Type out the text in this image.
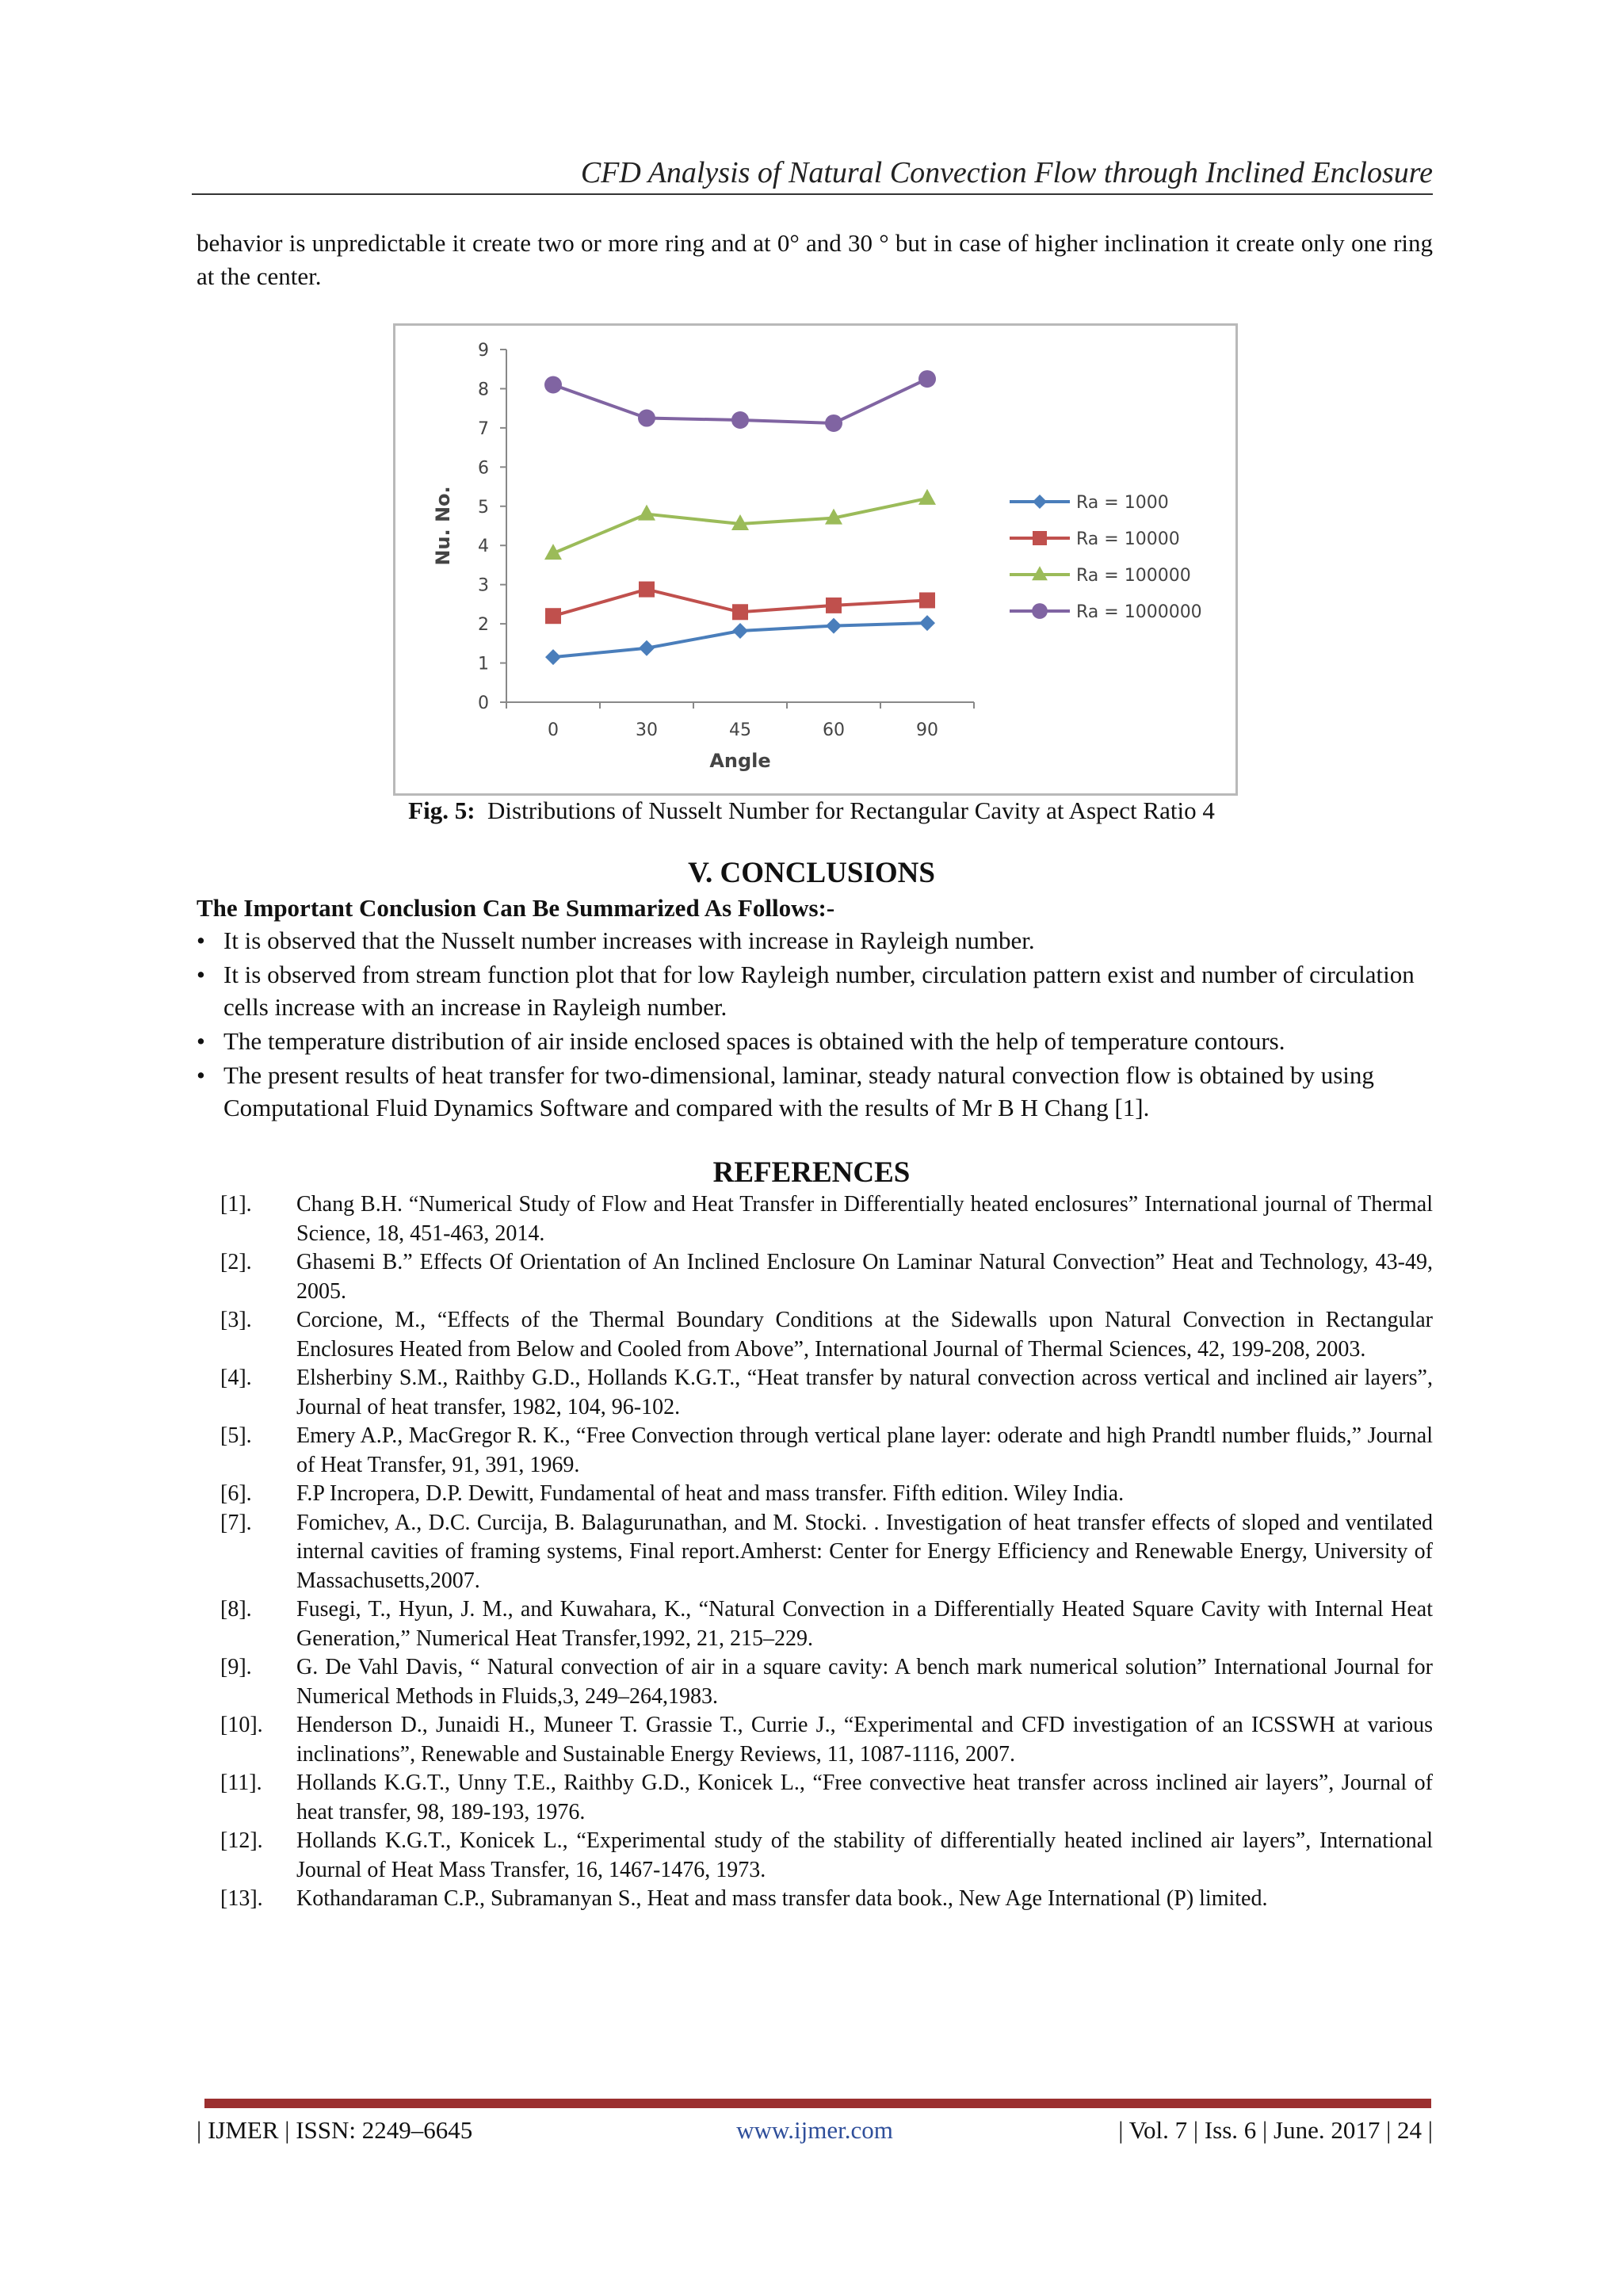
CFD Analysis of Natural Convection Flow through Inclined Enclosure
behavior is unpredictable it create two or more ring and at 0° and 30 ° but in case of higher inclination it create only one ring at the center.
0
1
2
3
4
5
6
7
8
9
0	30	45	60	90
Angle
Nu. No.	Ra = 1000
Ra = 10000
Ra = 100000
Ra = 1000000
Fig. 5: Distributions of Nusselt Number for Rectangular Cavity at Aspect Ratio 4
V. CONCLUSIONS
The Important Conclusion Can Be Summarized As Follows:-
• It is observed that the Nusselt number increases with increase in Rayleigh number.
• It is observed from stream function plot that for low Rayleigh number, circulation pattern exist and number of circulation cells increase with an increase in Rayleigh number.
• The temperature distribution of air inside enclosed spaces is obtained with the help of temperature contours.
• The present results of heat transfer for two-dimensional, laminar, steady natural convection flow is obtained by using Computational Fluid Dynamics Software and compared with the results of Mr B H Chang [1].
REFERENCES
[1]. Chang B.H. “Numerical Study of Flow and Heat Transfer in Differentially heated enclosures” International journal of Thermal Science, 18, 451-463, 2014.
[2]. Ghasemi B.” Effects Of Orientation of An Inclined Enclosure On Laminar Natural Convection” Heat and Technology, 43-49, 2005.
[3]. Corcione, M., “Effects of the Thermal Boundary Conditions at the Sidewalls upon Natural Convection in Rectangular Enclosures Heated from Below and Cooled from Above”, International Journal of Thermal Sciences, 42, 199-208, 2003.
[4]. Elsherbiny S.M., Raithby G.D., Hollands K.G.T., “Heat transfer by natural convection across vertical and inclined air layers”, Journal of heat transfer, 1982, 104, 96-102.
[5]. Emery A.P., MacGregor R. K., “Free Convection through vertical plane layer: oderate and high Prandtl number fluids,” Journal of Heat Transfer, 91, 391, 1969.
[6]. F.P Incropera, D.P. Dewitt, Fundamental of heat and mass transfer. Fifth edition. Wiley India.
[7]. Fomichev, A., D.C. Curcija, B. Balagurunathan, and M. Stocki. . Investigation of heat transfer effects of sloped and ventilated internal cavities of framing systems, Final report.Amherst: Center for Energy Efficiency and Renewable Energy, University of Massachusetts,2007.
[8]. Fusegi, T., Hyun, J. M., and Kuwahara, K., “Natural Convection in a Differentially Heated Square Cavity with Internal Heat Generation,” Numerical Heat Transfer,1992, 21, 215–229.
[9]. G. De Vahl Davis, “ Natural convection of air in a square cavity: A bench mark numerical solution” International Journal for Numerical Methods in Fluids,3, 249–264,1983.
[10]. Henderson D., Junaidi H., Muneer T. Grassie T., Currie J., “Experimental and CFD investigation of an ICSSWH at various inclinations”, Renewable and Sustainable Energy Reviews, 11, 1087-1116, 2007.
[11]. Hollands K.G.T., Unny T.E., Raithby G.D., Konicek L., “Free convective heat transfer across inclined air layers”, Journal of heat transfer, 98, 189-193, 1976.
[12]. Hollands K.G.T., Konicek L., “Experimental study of the stability of differentially heated inclined air layers”, International Journal of Heat Mass Transfer, 16, 1467-1476, 1973.
[13]. Kothandaraman C.P., Subramanyan S., Heat and mass transfer data book., New Age International (P) limited.
| IJMER | ISSN: 2249–6645	www.ijmer.com	| Vol. 7 | Iss. 6 | June. 2017 | 24 |
